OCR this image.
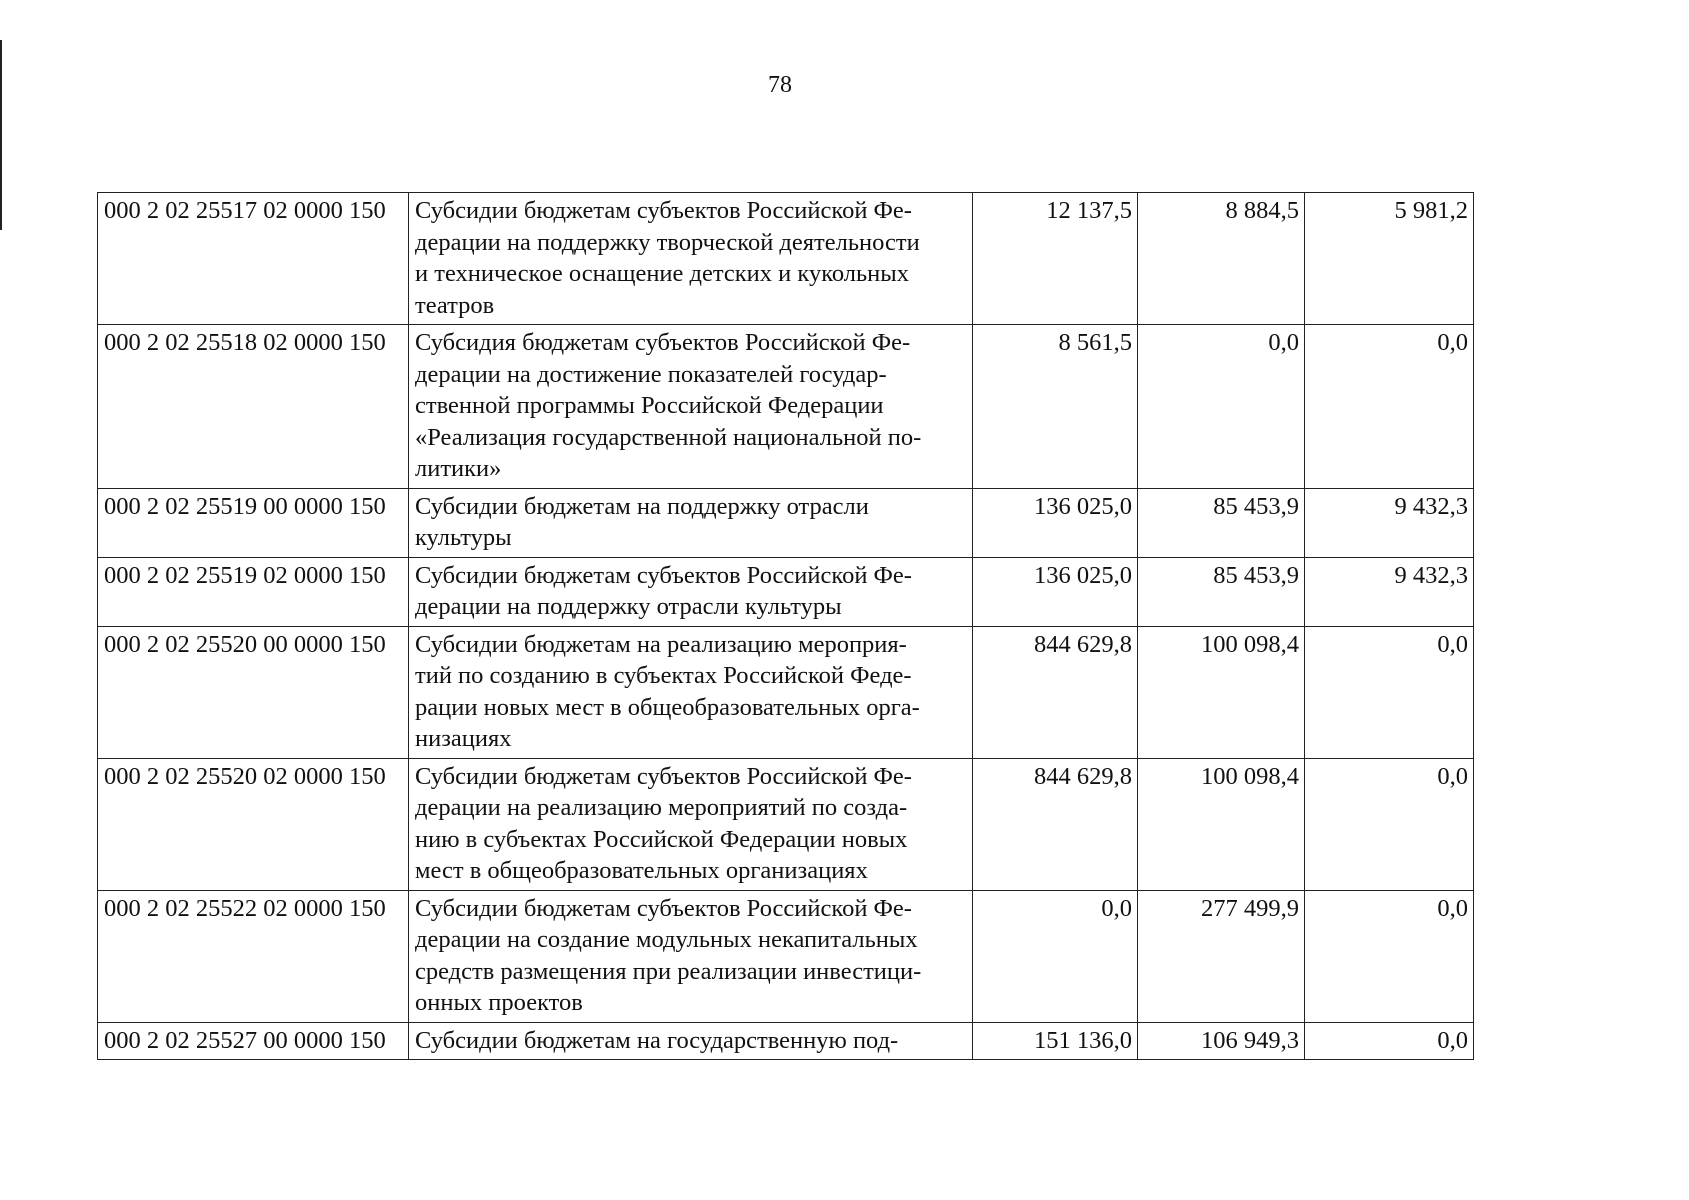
78
000 2 02 25517 02 0000 150	Субсидии бюджетам субъектов Российской Фе-
дерации на поддержку творческой деятельности
и техническое оснащение детских и кукольных
театров	12 137,5	8 884,5	5 981,2
000 2 02 25518 02 0000 150	Субсидия бюджетам субъектов Российской Фе-
дерации на достижение показателей государ-
ственной программы Российской Федерации
«Реализация государственной национальной по-
литики»	8 561,5	0,0	0,0
000 2 02 25519 00 0000 150	Субсидии бюджетам на поддержку отрасли
культуры	136 025,0	85 453,9	9 432,3
000 2 02 25519 02 0000 150	Субсидии бюджетам субъектов Российской Фе-
дерации на поддержку отрасли культуры	136 025,0	85 453,9	9 432,3
000 2 02 25520 00 0000 150	Субсидии бюджетам на реализацию мероприя-
тий по созданию в субъектах Российской Феде-
рации новых мест в общеобразовательных орга-
низациях	844 629,8	100 098,4	0,0
000 2 02 25520 02 0000 150	Субсидии бюджетам субъектов Российской Фе-
дерации на реализацию мероприятий по созда-
нию в субъектах Российской Федерации новых
мест в общеобразовательных организациях	844 629,8	100 098,4	0,0
000 2 02 25522 02 0000 150	Субсидии бюджетам субъектов Российской Фе-
дерации на создание модульных некапитальных
средств размещения при реализации инвестици-
онных проектов	0,0	277 499,9	0,0
000 2 02 25527 00 0000 150	Субсидии бюджетам на государственную под-	151 136,0	106 949,3	0,0
